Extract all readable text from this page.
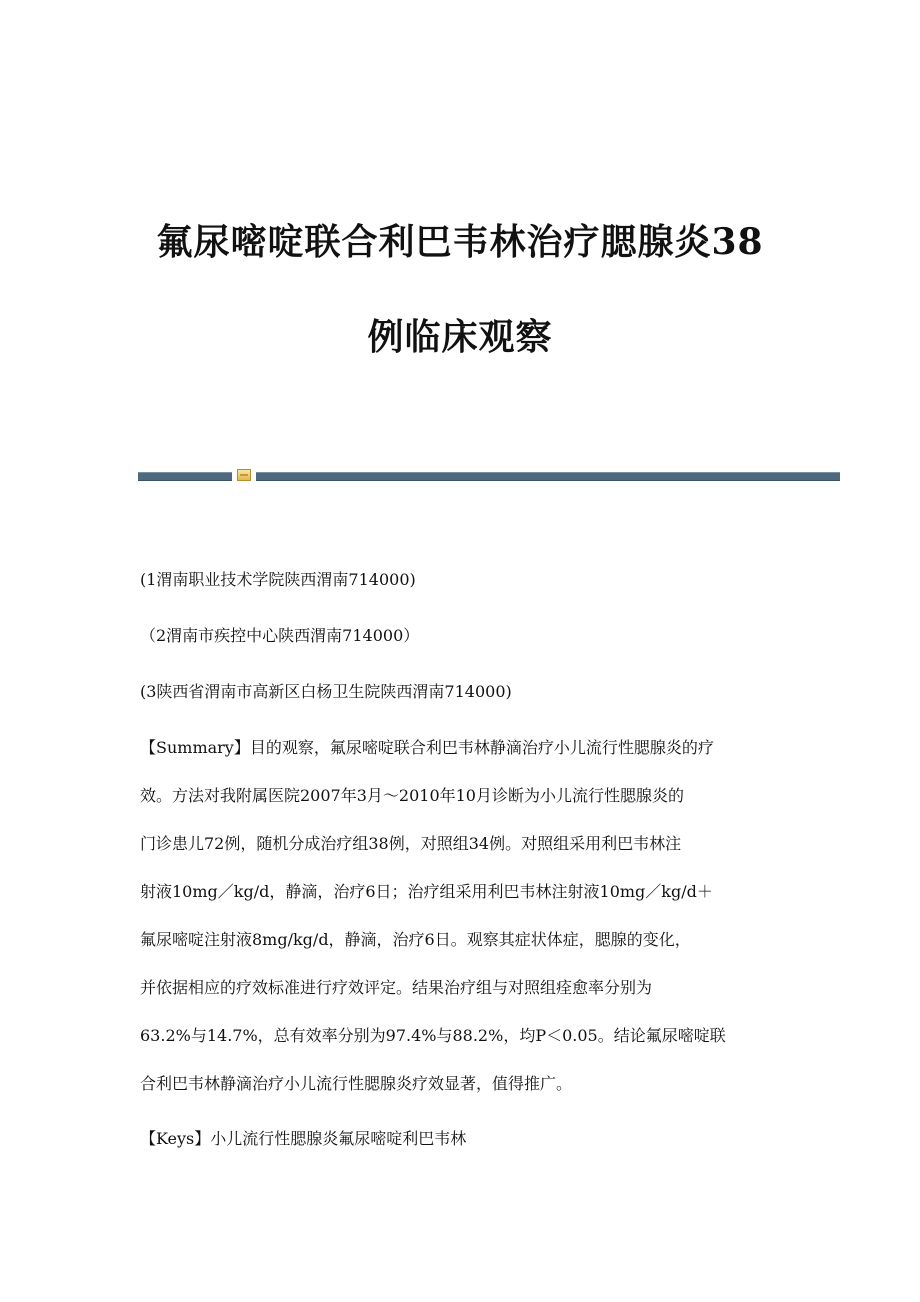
氟尿嘧啶联合利巴韦林治疗腮腺炎38
例临床观察
(1渭南职业技术学院陕西渭南714000)
（2渭南市疾控中心陕西渭南714000）
(3陕西省渭南市高新区白杨卫生院陕西渭南714000)
【Summary】目的观察，氟尿嘧啶联合利巴韦林静滴治疗小儿流行性腮腺炎的疗
效。方法对我附属医院2007年3月～2010年10月诊断为小儿流行性腮腺炎的
门诊患儿72例，随机分成治疗组38例，对照组34例。对照组采用利巴韦林注
射液10mg／kg/d，静滴，治疗6日；治疗组采用利巴韦林注射液10mg／kg/d＋
氟尿嘧啶注射液8mg/kg/d，静滴，治疗6日。观察其症状体症，腮腺的变化，
并依据相应的疗效标准进行疗效评定。结果治疗组与对照组痊愈率分别为
63.2%与14.7%，总有效率分别为97.4%与88.2%，均P＜0.05。结论氟尿嘧啶联
合利巴韦林静滴治疗小儿流行性腮腺炎疗效显著，值得推广。
【Keys】小儿流行性腮腺炎氟尿嘧啶利巴韦林
